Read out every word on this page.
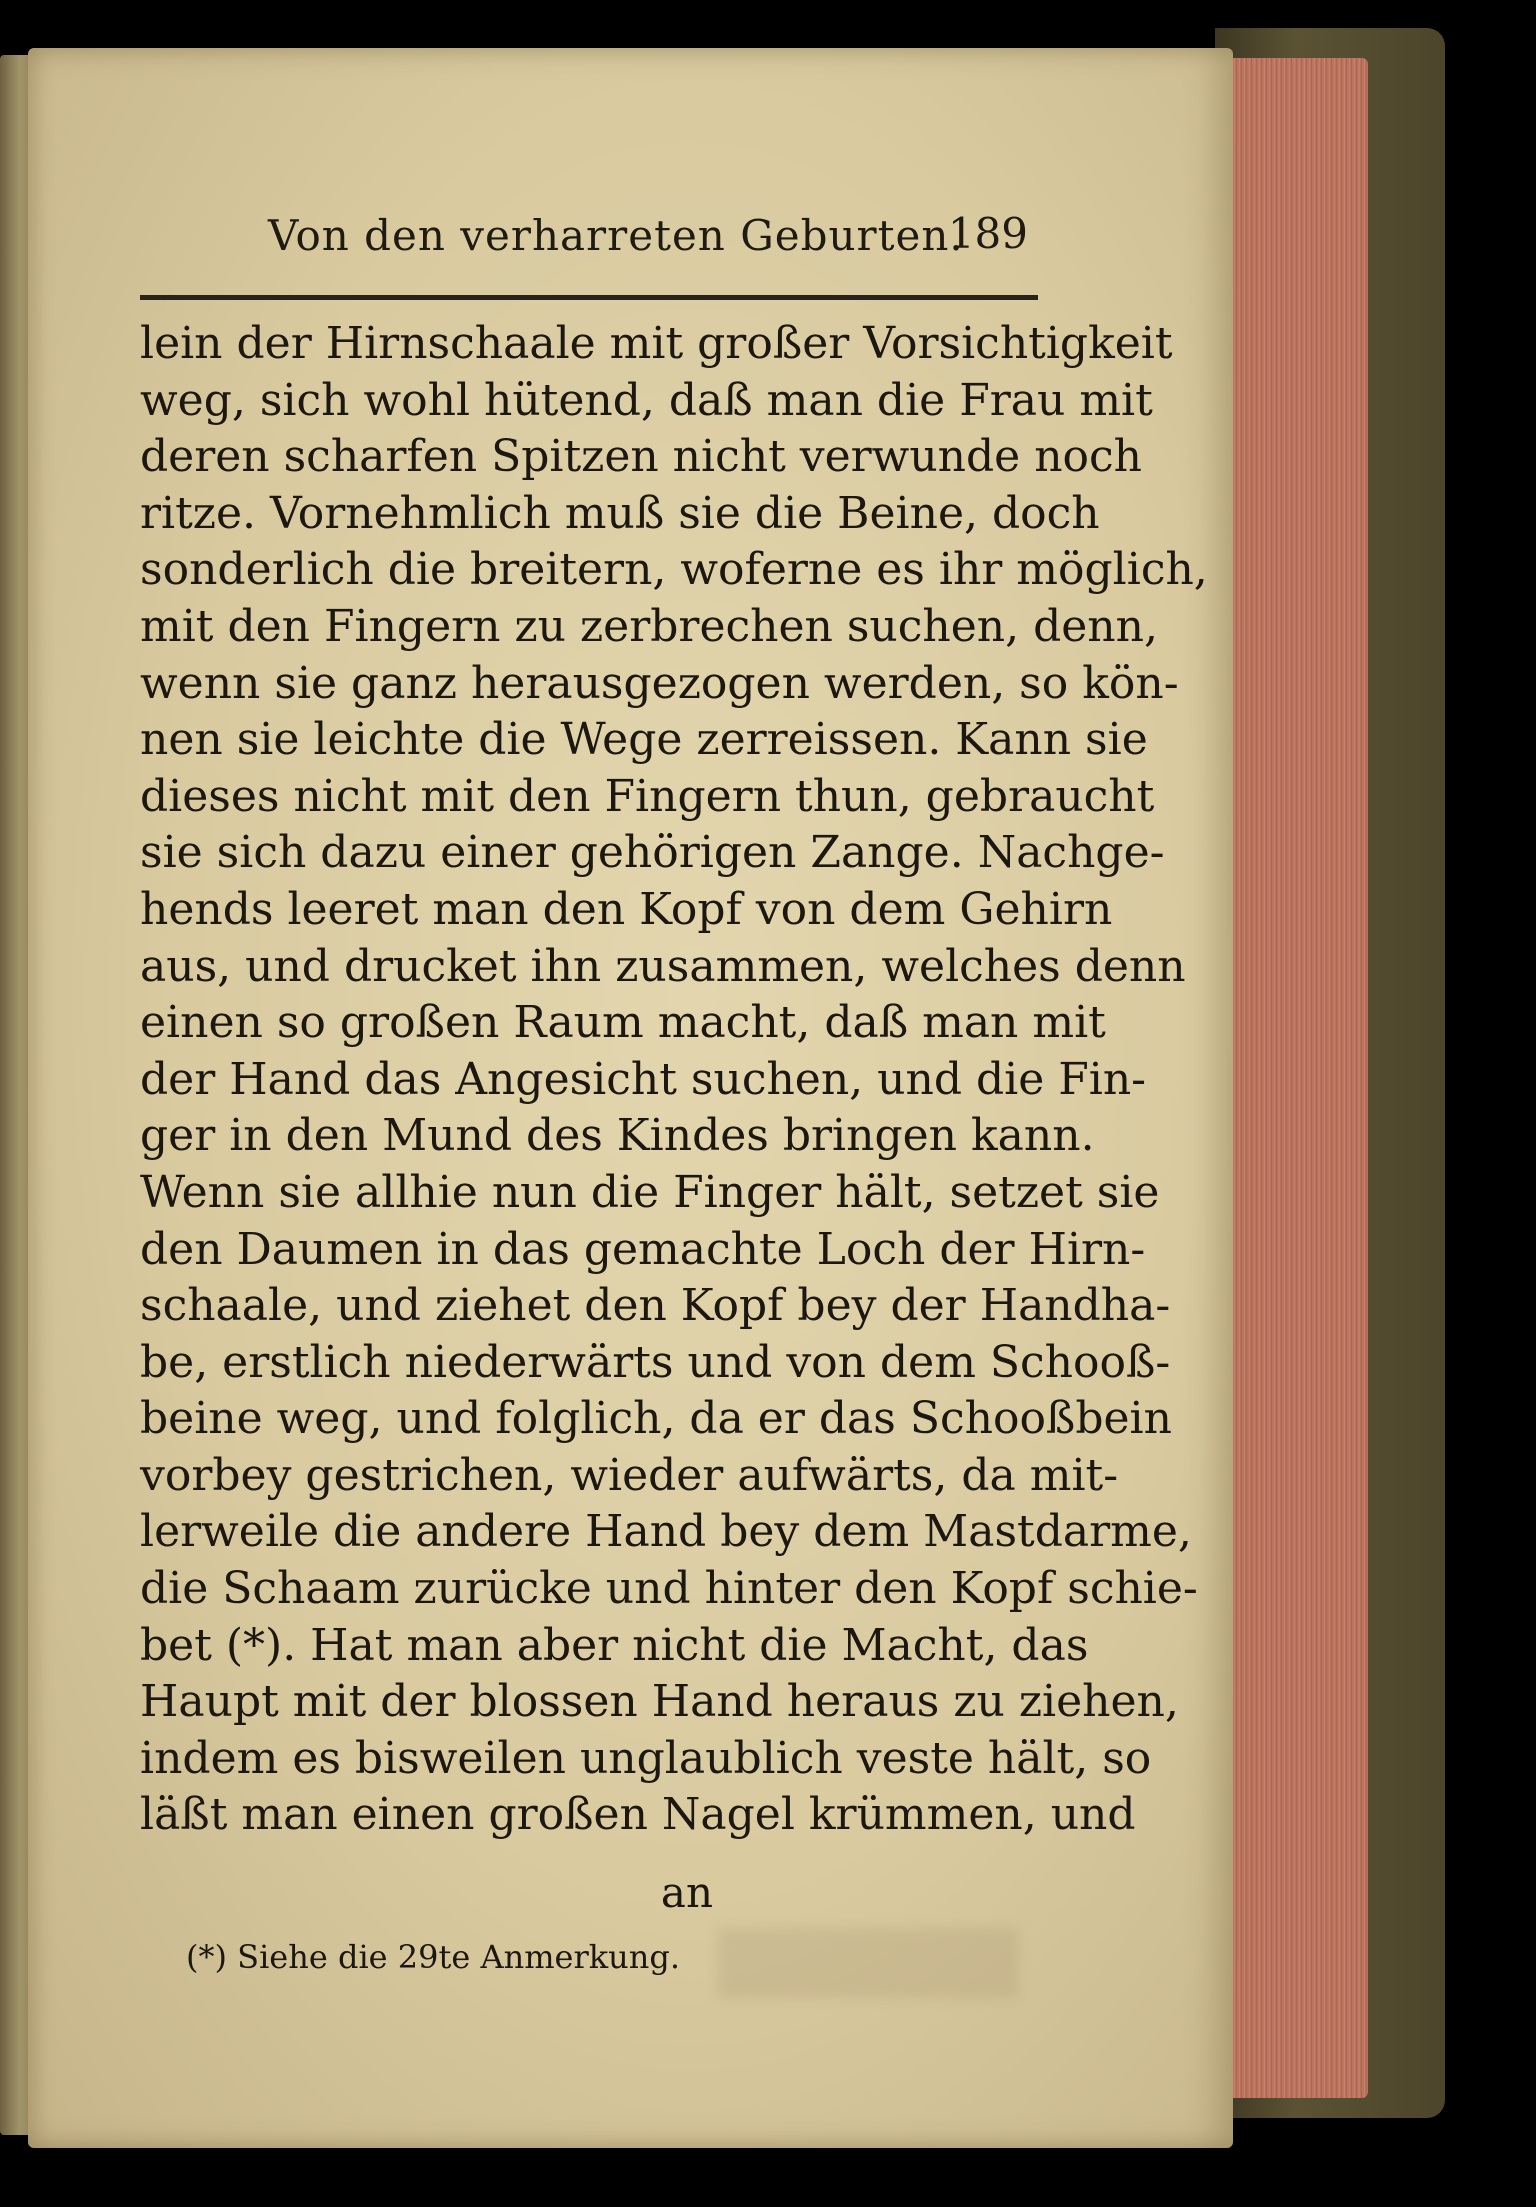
Von den verharreten Geburten.
189
lein der Hirnschaale mit großer Vorsichtigkeit
weg, sich wohl hütend, daß man die Frau mit
deren scharfen Spitzen nicht verwunde noch
ritze. Vornehmlich muß sie die Beine, doch
sonderlich die breitern, woferne es ihr möglich,
mit den Fingern zu zerbrechen suchen, denn,
wenn sie ganz herausgezogen werden, so kön-
nen sie leichte die Wege zerreissen. Kann sie
dieses nicht mit den Fingern thun, gebraucht
sie sich dazu einer gehörigen Zange. Nachge-
hends leeret man den Kopf von dem Gehirn
aus, und drucket ihn zusammen, welches denn
einen so großen Raum macht, daß man mit
der Hand das Angesicht suchen, und die Fin-
ger in den Mund des Kindes bringen kann.
Wenn sie allhie nun die Finger hält, setzet sie
den Daumen in das gemachte Loch der Hirn-
schaale, und ziehet den Kopf bey der Handha-
be, erstlich niederwärts und von dem Schooß-
beine weg, und folglich, da er das Schooßbein
vorbey gestrichen, wieder aufwärts, da mit-
lerweile die andere Hand bey dem Mastdarme,
die Schaam zurücke und hinter den Kopf schie-
bet (*). Hat man aber nicht die Macht, das
Haupt mit der blossen Hand heraus zu ziehen,
indem es bisweilen unglaublich veste hält, so
läßt man einen großen Nagel krümmen, und
an
(*) Siehe die 29te Anmerkung.
